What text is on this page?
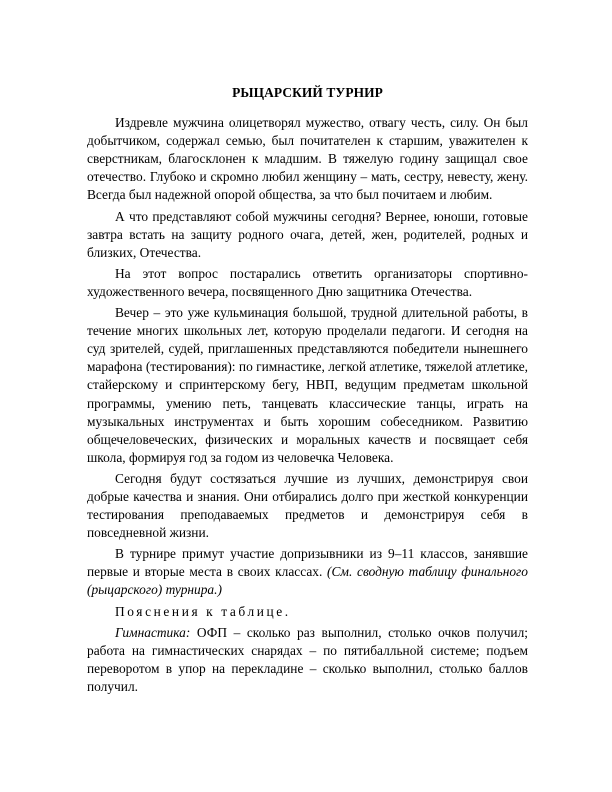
РЫЦАРСКИЙ ТУРНИР

Издревле мужчина олицетворял мужество, отвагу честь, силу. Он был добытчиком, содержал семью, был почитателен к старшим, уважителен к сверстникам, благосклонен к младшим. В тяжелую годину защищал свое отечество. Глубоко и скромно любил женщину – мать, сестру, невесту, жену. Всегда был надежной опорой общества, за что был почитаем и любим.

А что представляют собой мужчины сегодня? Вернее, юноши, готовые завтра встать на защиту родного очага, детей, жен, родителей, родных и близких, Отечества.

На этот вопрос постарались ответить организаторы спортивно-художественного вечера, посвященного Дню защитника Отечества.

Вечер – это уже кульминация большой, трудной длительной работы, в течение многих школьных лет, которую проделали педагоги. И сегодня на суд зрителей, судей, приглашенных представляются победители нынешнего марафона (тестирования): по гимнастике, легкой атлетике, тяжелой атлетике, стайерскому и спринтерскому бегу, НВП, ведущим предметам школьной программы, умению петь, танцевать классические танцы, играть на музыкальных инструментах и быть хорошим собеседником. Развитию общечеловеческих, физических и моральных качеств и посвящает себя школа, формируя год за годом из человечка Человека.

Сегодня будут состязаться лучшие из лучших, демонстрируя свои добрые качества и знания. Они отбирались долго при жесткой конкуренции тестирования преподаваемых предметов и демонстрируя себя в повседневной жизни.

В турнире примут участие допризывники из 9–11 классов, занявшие первые и вторые места в своих классах. (См. сводную таблицу финального (рыцарского) турнира.)

Пояснения к таблице.

Гимнастика: ОФП – сколько раз выполнил, столько очков получил; работа на гимнастических снарядах – по пятибалльной системе; подъем переворотом в упор на перекладине – сколько выполнил, столько баллов получил.
